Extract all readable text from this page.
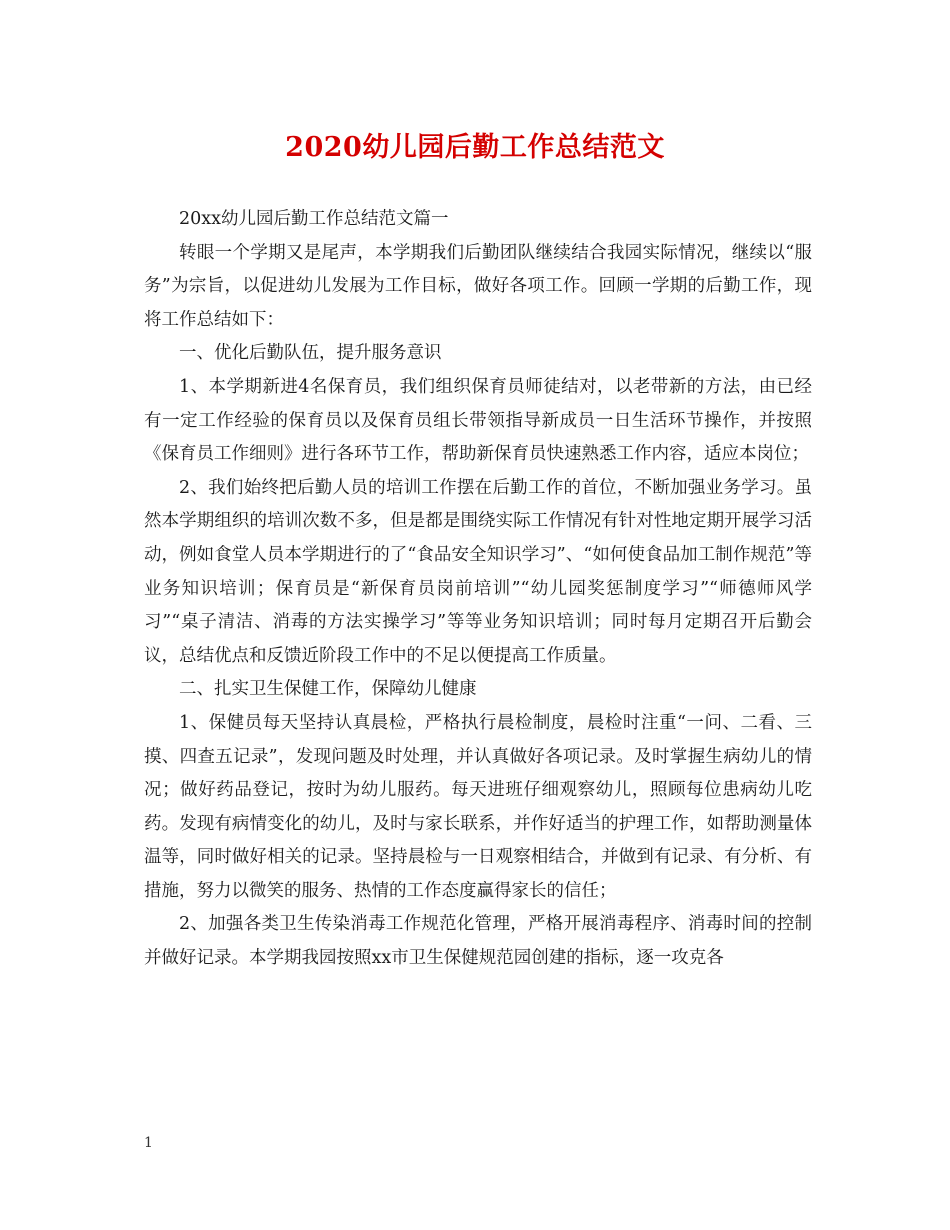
2020幼儿园后勤工作总结范文

20xx幼儿园后勤工作总结范文篇一

转眼一个学期又是尾声，本学期我们后勤团队继续结合我园实际情况，继续以“服务”为宗旨，以促进幼儿发展为工作目标，做好各项工作。回顾一学期的后勤工作，现将工作总结如下：

一、优化后勤队伍，提升服务意识

1、本学期新进4名保育员，我们组织保育员师徒结对，以老带新的方法，由已经有一定工作经验的保育员以及保育员组长带领指导新成员一日生活环节操作，并按照《保育员工作细则》进行各环节工作，帮助新保育员快速熟悉工作内容，适应本岗位；

2、我们始终把后勤人员的培训工作摆在后勤工作的首位，不断加强业务学习。虽然本学期组织的培训次数不多，但是都是围绕实际工作情况有针对性地定期开展学习活动，例如食堂人员本学期进行的了“食品安全知识学习”、“如何使食品加工制作规范”等业务知识培训；保育员是“新保育员岗前培训”“幼儿园奖惩制度学习”“师德师风学习”“桌子清洁、消毒的方法实操学习”等等业务知识培训；同时每月定期召开后勤会议，总结优点和反馈近阶段工作中的不足以便提高工作质量。

二、扎实卫生保健工作，保障幼儿健康

1、保健员每天坚持认真晨检，严格执行晨检制度，晨检时注重“一问、二看、三摸、四查五记录”，发现问题及时处理，并认真做好各项记录。及时掌握生病幼儿的情况；做好药品登记，按时为幼儿服药。每天进班仔细观察幼儿，照顾每位患病幼儿吃药。发现有病情变化的幼儿，及时与家长联系，并作好适当的护理工作，如帮助测量体温等，同时做好相关的记录。坚持晨检与一日观察相结合，并做到有记录、有分析、有措施，努力以微笑的服务、热情的工作态度赢得家长的信任；

2、加强各类卫生传染消毒工作规范化管理，严格开展消毒程序、消毒时间的控制并做好记录。本学期我园按照xx市卫生保健规范园创建的指标，逐一攻克各

1
